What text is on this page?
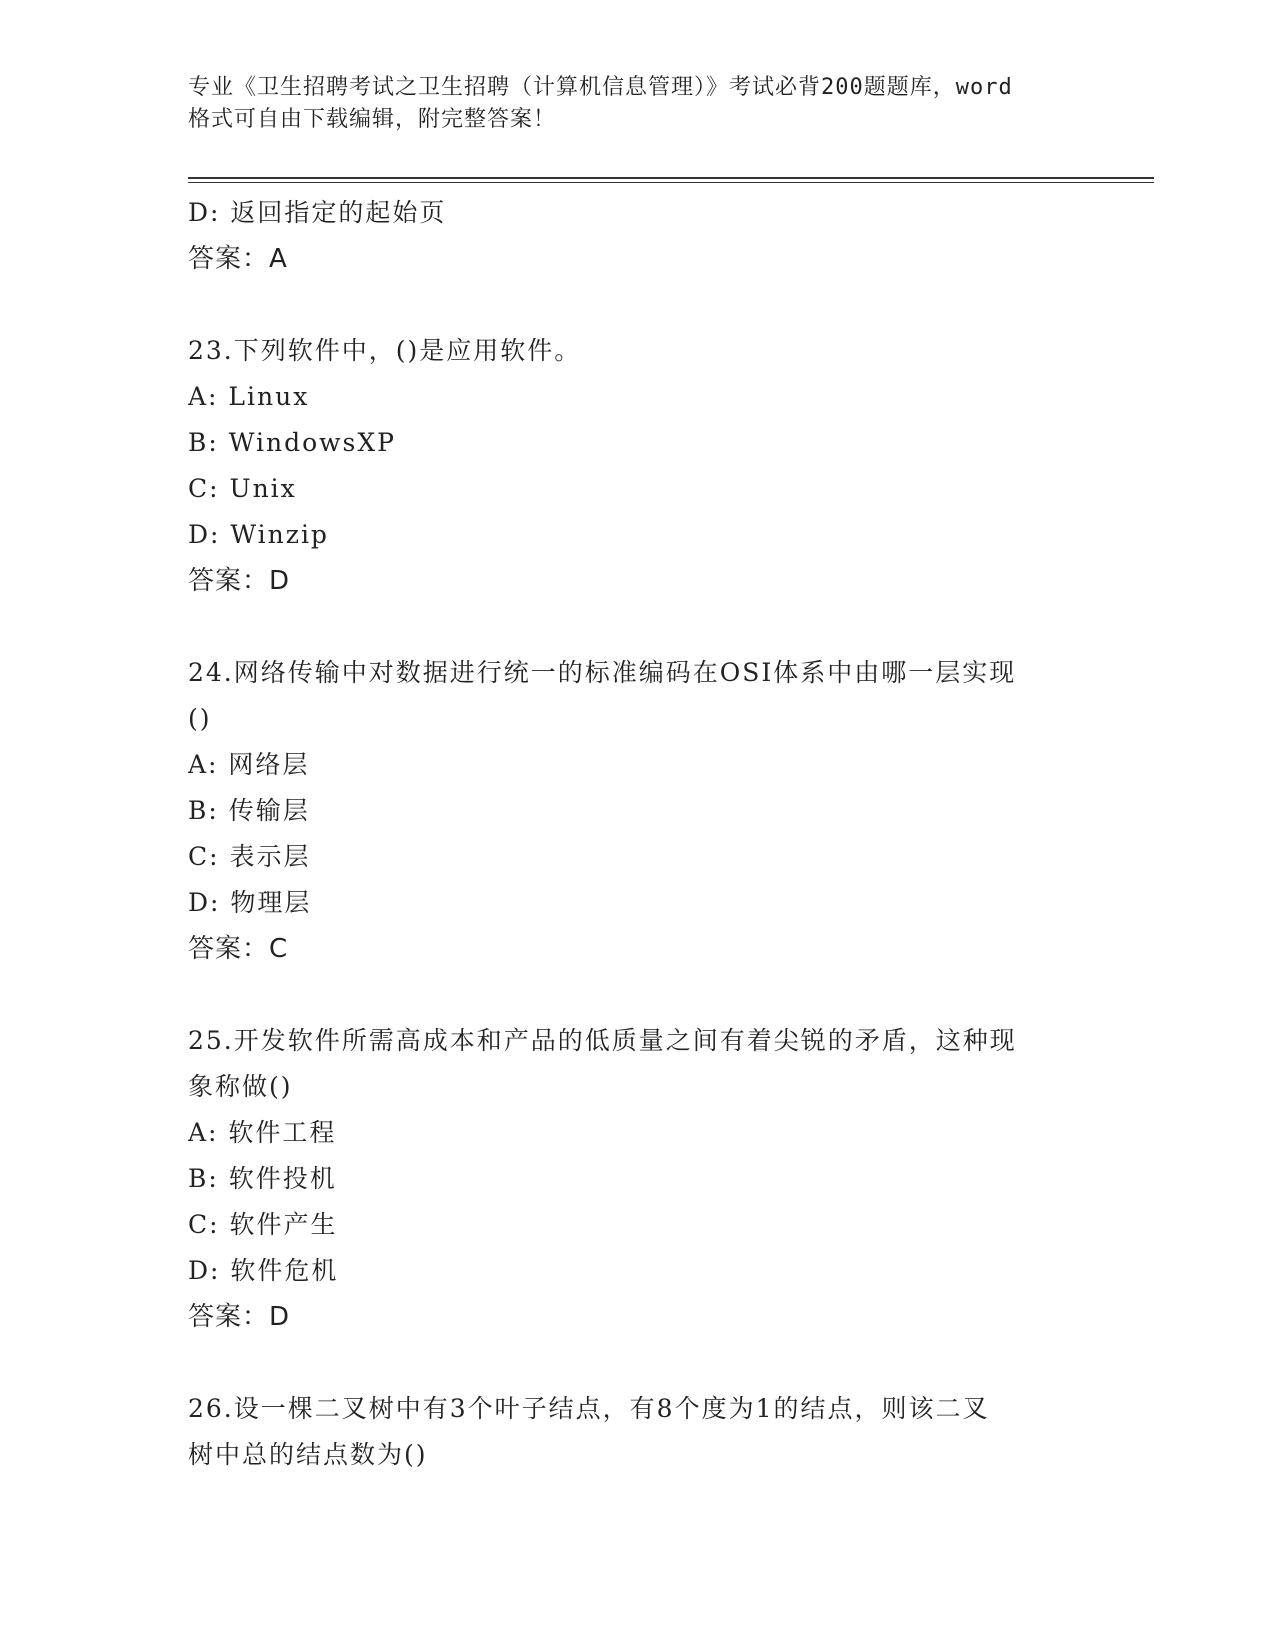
专业《卫生招聘考试之卫生招聘（计算机信息管理）》考试必背200题题库，word
格式可自由下载编辑，附完整答案！
D: 返回指定的起始页
答案：A
23.下列软件中，()是应用软件。
A: Linux
B: WindowsXP
C: Unix
D: Winzip
答案：D
24.网络传输中对数据进行统一的标准编码在OSI体系中由哪一层实现
()
A: 网络层
B: 传输层
C: 表示层
D: 物理层
答案：C
25.开发软件所需高成本和产品的低质量之间有着尖锐的矛盾，这种现
象称做()
A: 软件工程
B: 软件投机
C: 软件产生
D: 软件危机
答案：D
26.设一棵二叉树中有3个叶子结点，有8个度为1的结点，则该二叉
树中总的结点数为()
